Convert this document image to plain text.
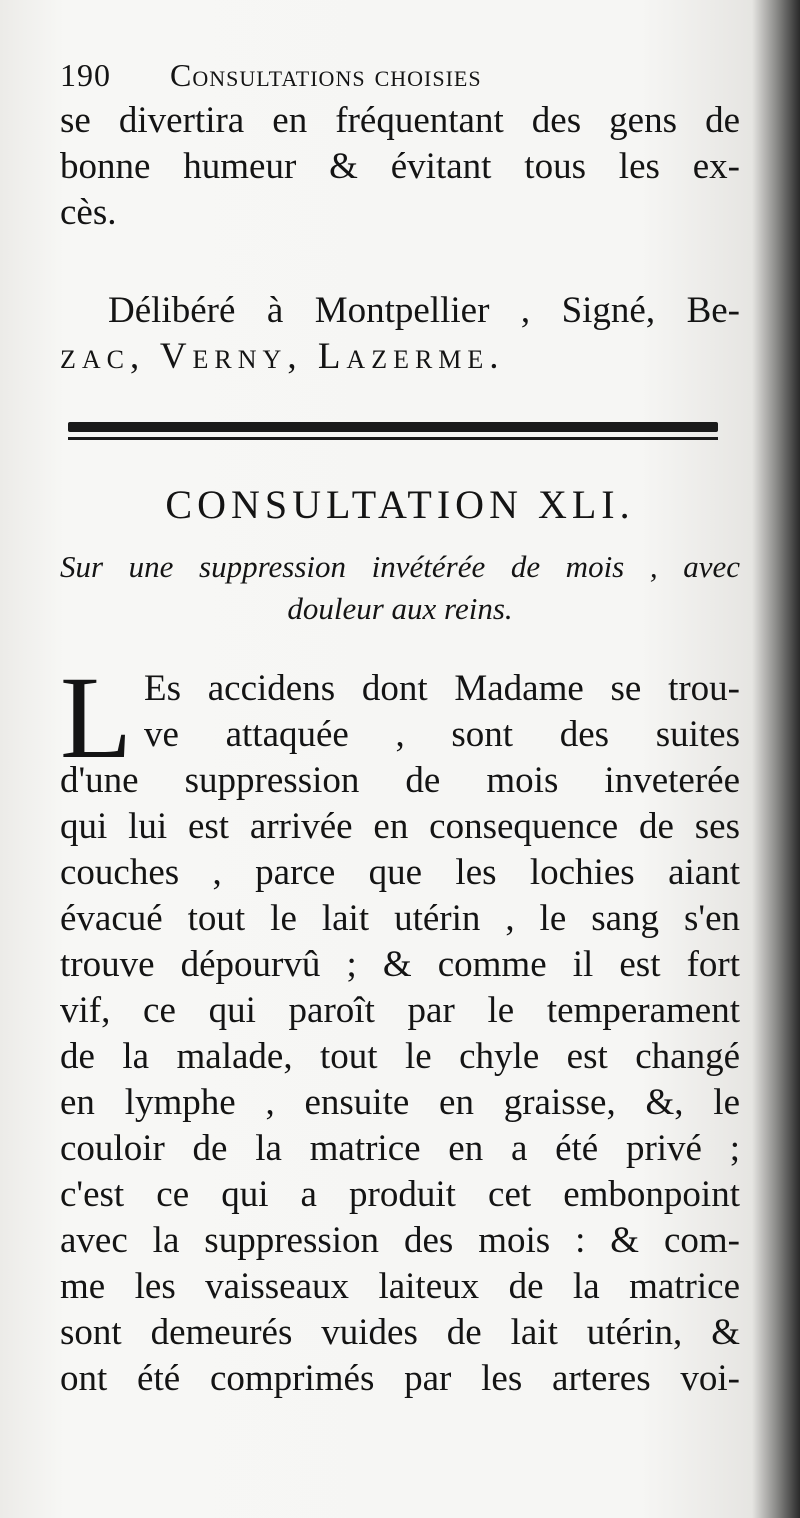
190 Consultations choisies
se divertira en fréquentant des gens de
bonne humeur & évitant tous les ex-
cès.
Délibéré à Montpellier , Signé, Be-
zac, Verny, Lazerme.
CONSULTATION XLI.
Sur une suppression invétérée de mois , avec
douleur aux reins.
L Es accidens dont Madame se trou-
ve attaquée , sont des suites
d'une suppression de mois inveterée
qui lui est arrivée en consequence de ses
couches , parce que les lochies aiant
évacué tout le lait utérin , le sang s'en
trouve dépourvû ; & comme il est fort
vif, ce qui paroît par le temperament
de la malade, tout le chyle est changé
en lymphe , ensuite en graisse, &, le
couloir de la matrice en a été privé ;
c'est ce qui a produit cet embonpoint
avec la suppression des mois : & com-
me les vaisseaux laiteux de la matrice
sont demeurés vuides de lait utérin, &
ont été comprimés par les arteres voi-
